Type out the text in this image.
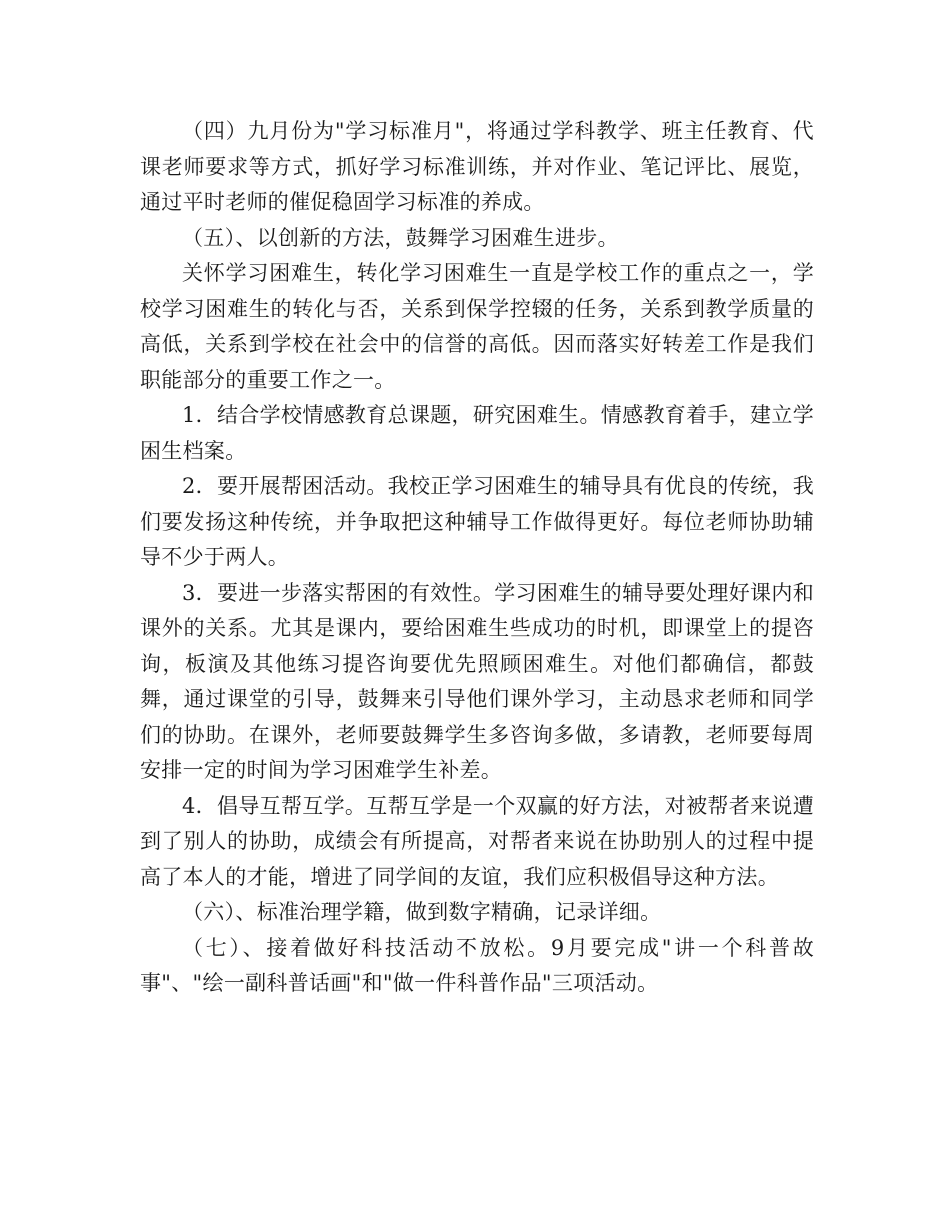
（四）九月份为"学习标准月"，将通过学科教学、班主任教育、代课老师要求等方式，抓好学习标准训练，并对作业、笔记评比、展览，通过平时老师的催促稳固学习标准的养成。

（五）、以创新的方法，鼓舞学习困难生进步。

关怀学习困难生，转化学习困难生一直是学校工作的重点之一，学校学习困难生的转化与否，关系到保学控辍的任务，关系到教学质量的高低，关系到学校在社会中的信誉的高低。因而落实好转差工作是我们职能部分的重要工作之一。

1．结合学校情感教育总课题，研究困难生。情感教育着手，建立学困生档案。

2．要开展帮困活动。我校正学习困难生的辅导具有优良的传统，我们要发扬这种传统，并争取把这种辅导工作做得更好。每位老师协助辅导不少于两人。

3．要进一步落实帮困的有效性。学习困难生的辅导要处理好课内和课外的关系。尤其是课内，要给困难生些成功的时机，即课堂上的提咨询，板演及其他练习提咨询要优先照顾困难生。对他们都确信，都鼓舞，通过课堂的引导，鼓舞来引导他们课外学习，主动恳求老师和同学们的协助。在课外，老师要鼓舞学生多咨询多做，多请教，老师要每周安排一定的时间为学习困难学生补差。

4．倡导互帮互学。互帮互学是一个双赢的好方法，对被帮者来说遭到了别人的协助，成绩会有所提高，对帮者来说在协助别人的过程中提高了本人的才能，增进了同学间的友谊，我们应积极倡导这种方法。

（六）、标准治理学籍，做到数字精确，记录详细。

（七）、接着做好科技活动不放松。9月要完成"讲一个科普故事"、"绘一副科普话画"和"做一件科普作品"三项活动。
